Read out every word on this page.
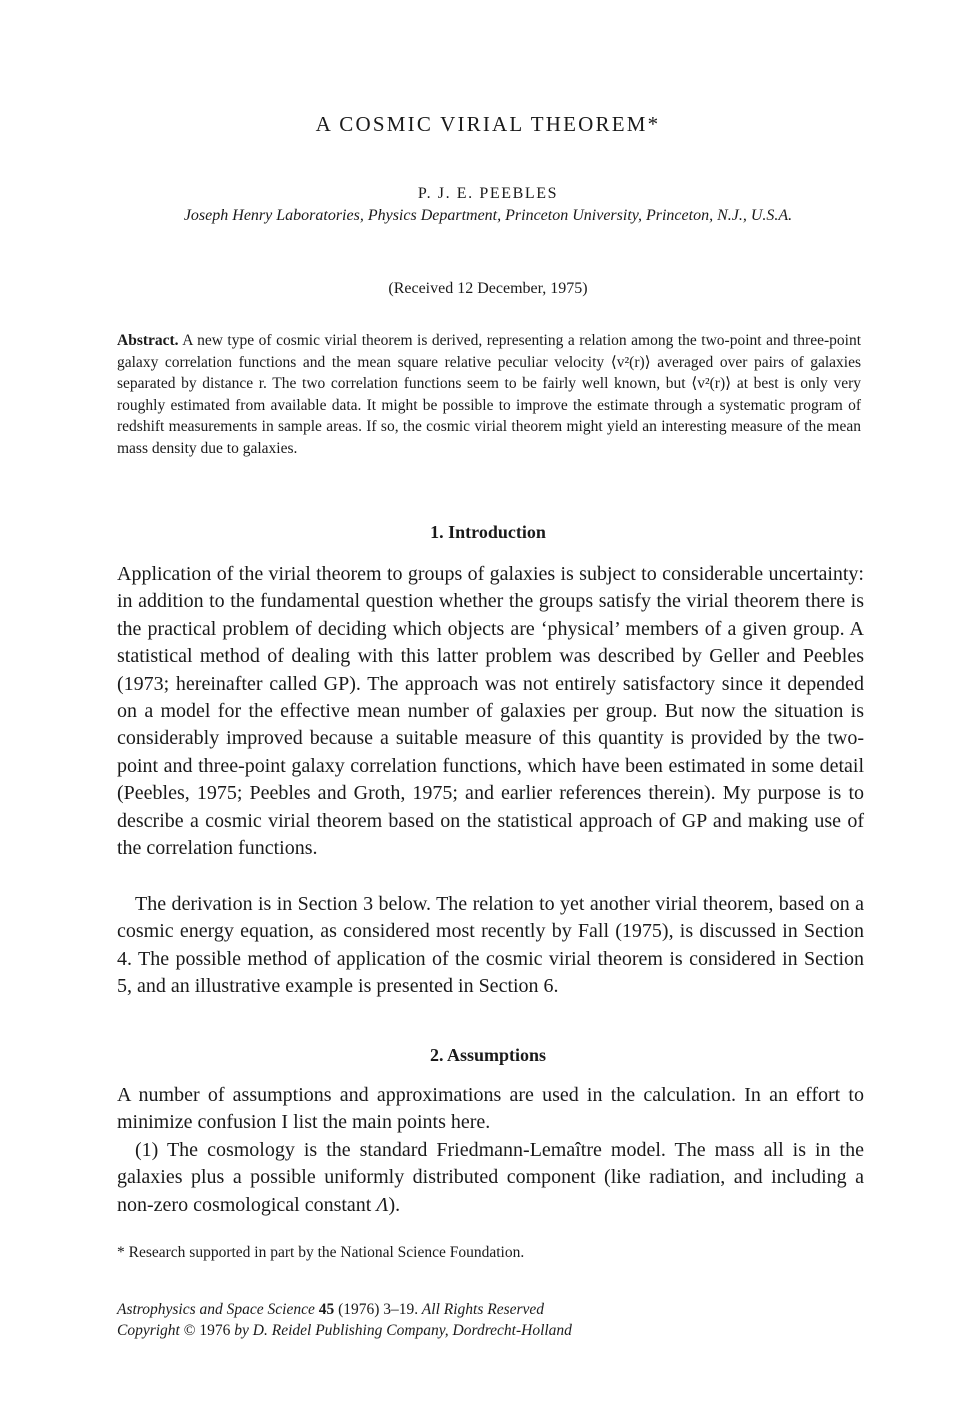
A COSMIC VIRIAL THEOREM*

P. J. E. PEEBLES

Joseph Henry Laboratories, Physics Department, Princeton University, Princeton, N.J., U.S.A.

(Received 12 December, 1975)

Abstract. A new type of cosmic virial theorem is derived, representing a relation among the two-point and three-point galaxy correlation functions and the mean square relative peculiar velocity ⟨v²(r)⟩ averaged over pairs of galaxies separated by distance r. The two correlation functions seem to be fairly well known, but ⟨v²(r)⟩ at best is only very roughly estimated from available data. It might be possible to improve the estimate through a systematic program of redshift measurements in sample areas. If so, the cosmic virial theorem might yield an interesting measure of the mean mass density due to galaxies.

1. Introduction

Application of the virial theorem to groups of galaxies is subject to considerable uncertainty: in addition to the fundamental question whether the groups satisfy the virial theorem there is the practical problem of deciding which objects are ‘physical’ members of a given group. A statistical method of dealing with this latter problem was described by Geller and Peebles (1973; hereinafter called GP). The approach was not entirely satisfactory since it depended on a model for the effective mean number of galaxies per group. But now the situation is considerably improved because a suitable measure of this quantity is provided by the two-point and three-point galaxy correlation functions, which have been estimated in some detail (Peebles, 1975; Peebles and Groth, 1975; and earlier references therein). My purpose is to describe a cosmic virial theorem based on the statistical approach of GP and making use of the correlation functions.

The derivation is in Section 3 below. The relation to yet another virial theorem, based on a cosmic energy equation, as considered most recently by Fall (1975), is discussed in Section 4. The possible method of application of the cosmic virial theorem is considered in Section 5, and an illustrative example is presented in Section 6.

2. Assumptions

A number of assumptions and approximations are used in the calculation. In an effort to minimize confusion I list the main points here.

(1) The cosmology is the standard Friedmann-Lemaître model. The mass all is in the galaxies plus a possible uniformly distributed component (like radiation, and including a non-zero cosmological constant Λ).

* Research supported in part by the National Science Foundation.

Astrophysics and Space Science 45 (1976) 3–19. All Rights Reserved

Copyright © 1976 by D. Reidel Publishing Company, Dordrecht-Holland
